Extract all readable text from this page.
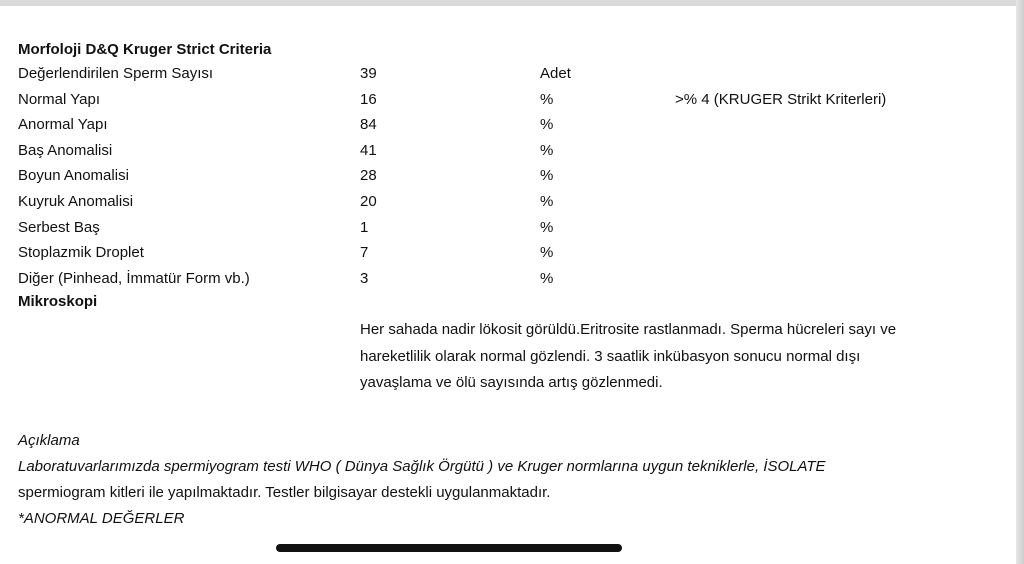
Morfoloji D&Q Kruger Strict Criteria
Değerlendirilen Sperm Sayısı	39	Adet
Normal Yapı	16	%	>% 4 (KRUGER Strikt Kriterleri)
Anormal Yapı	84	%
Baş Anomalisi	41	%
Boyun Anomalisi	28	%
Kuyruk Anomalisi	20	%
Serbest Baş	1	%
Stoplazmik Droplet	7	%
Diğer (Pinhead, İmmatür Form vb.)	3	%
Mikroskopi
Her sahada nadir lökosit görüldü.Eritrosite rastlanmadı. Sperma hücreleri sayı ve
hareketlilik olarak normal gözlendi. 3 saatlik inkübasyon sonucu normal dışı
yavaşlama ve ölü sayısında artış gözlenmedi.
Açıklama
Laboratuvarlarımızda spermiyogram testi WHO ( Dünya Sağlık Örgütü ) ve Kruger normlarına uygun tekniklerle, İSOLATE
spermiogram kitleri ile yapılmaktadır. Testler bilgisayar destekli uygulanmaktadır.
*ANORMAL DEĞERLER
